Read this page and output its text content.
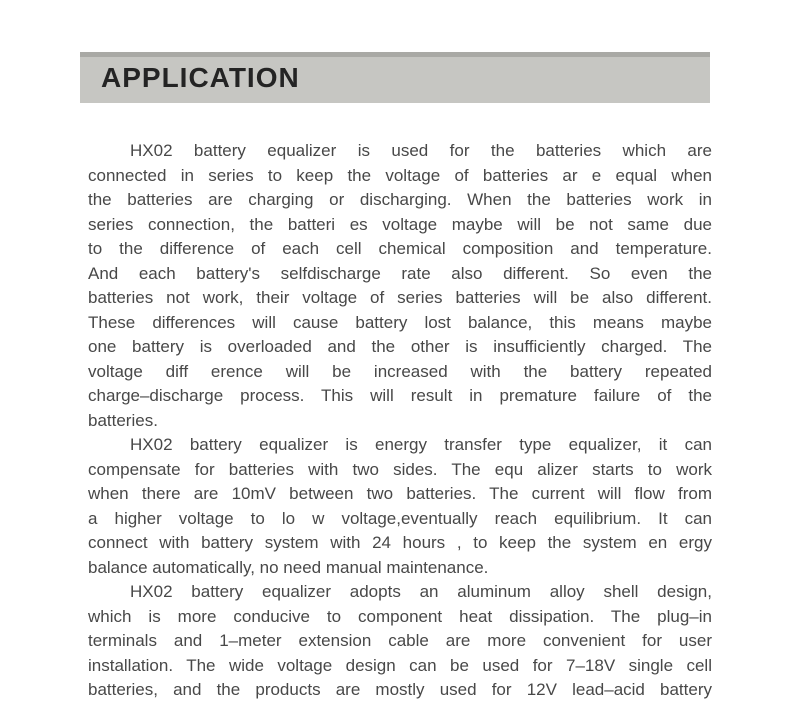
APPLICATION
HX02 battery equalizer is used for the batteries which are
connected in series to keep the voltage of batteries ar e equal when
the batteries are charging or discharging. When the batteries work in
series connection, the batteri es voltage maybe will be not same due
to the difference of each cell chemical composition and temperature.
And each battery's selfdischarge rate also different. So even the
batteries not work, their voltage of series batteries will be also different.
These differences will cause battery lost balance, this means maybe
one battery is overloaded and the other is insufficiently charged. The
voltage diff erence will be increased with the battery repeated
charge–discharge process. This will result in premature failure of the
batteries.
HX02 battery equalizer is energy transfer type equalizer, it can
compensate for batteries with two sides. The equ alizer starts to work
when there are 10mV between two batteries. The current will flow from
a higher voltage to lo w voltage,eventually reach equilibrium. It can
connect with battery system with 24 hours , to keep the system en ergy
balance automatically, no need manual maintenance.
HX02 battery equalizer adopts an aluminum alloy shell design,
which is more conducive to component heat dissipation. The plug–in
terminals and 1–meter extension cable are more convenient for user
installation. The wide voltage design can be used for 7–18V single cell
batteries, and the products are mostly used for 12V lead–acid battery
